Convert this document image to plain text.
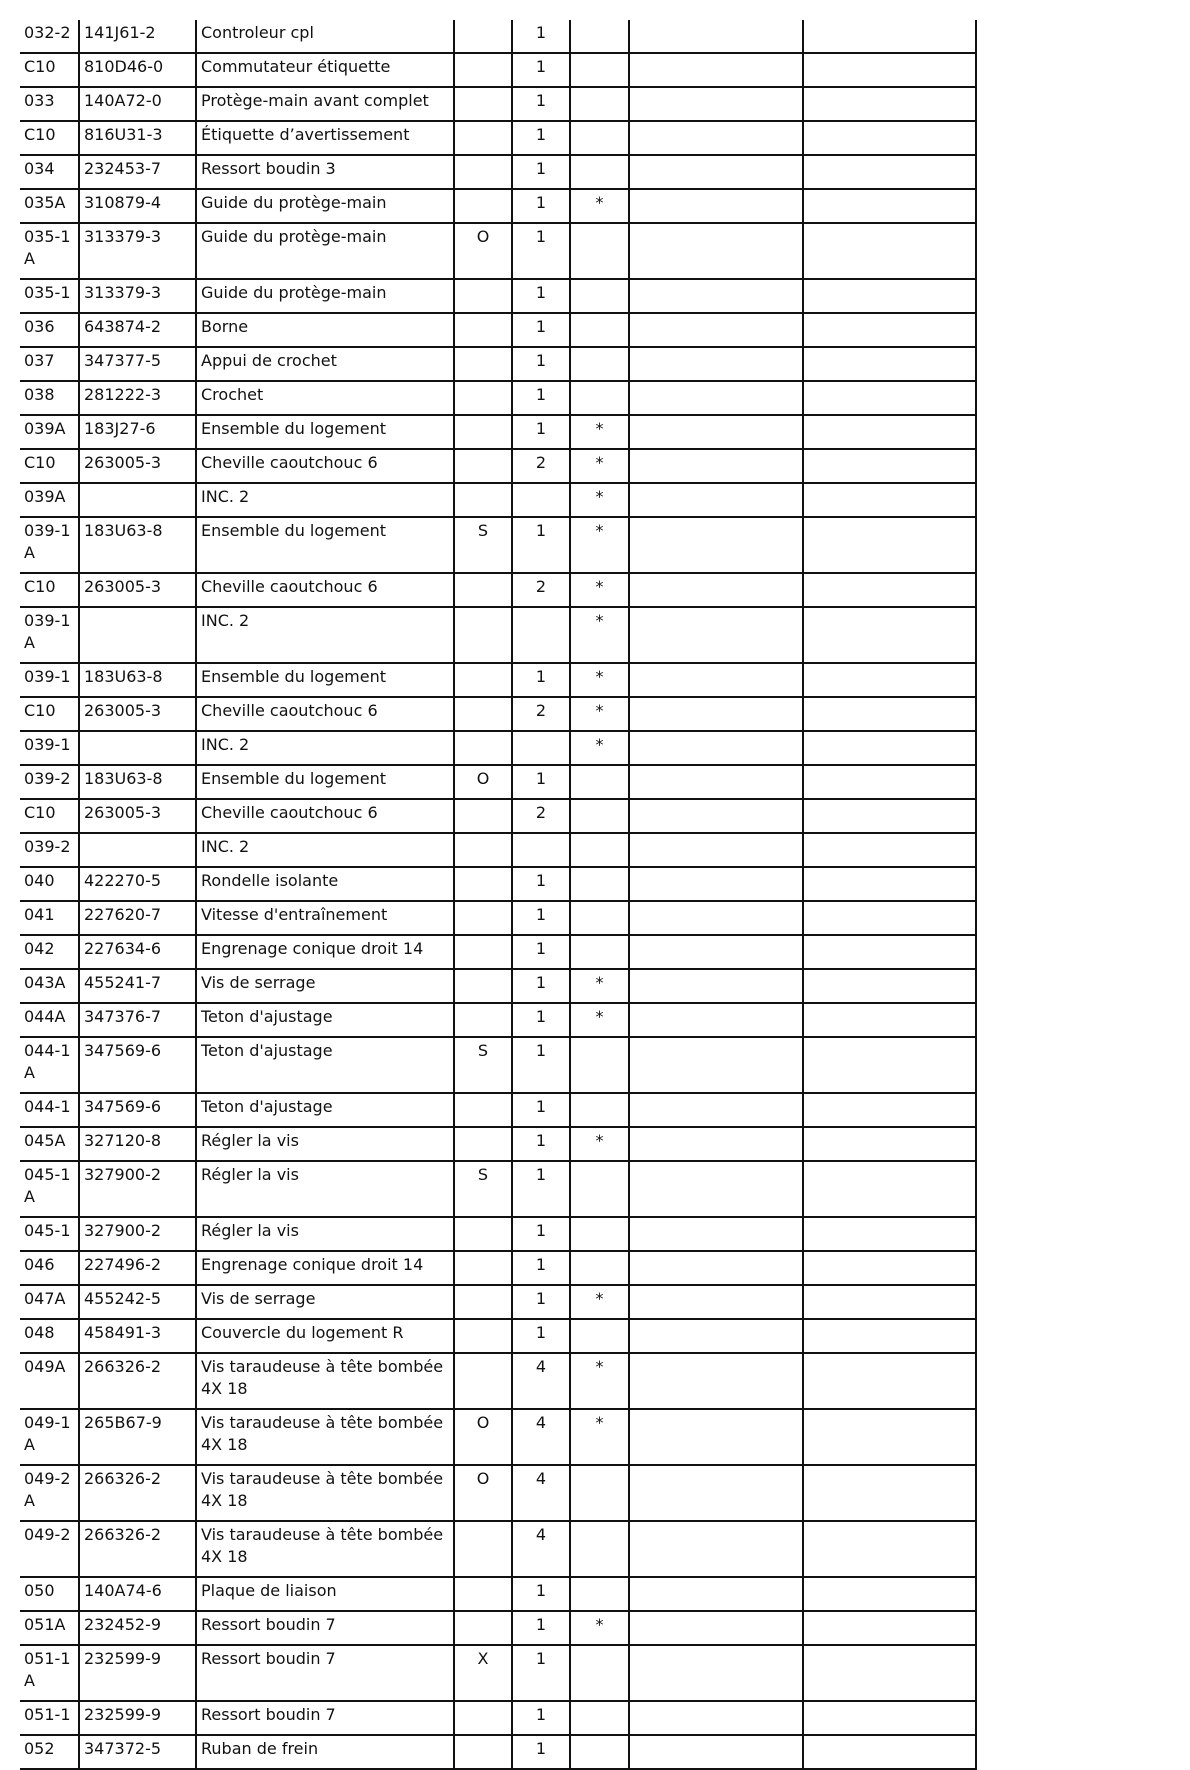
032-2	141J61-2	Controleur cpl		1			
C10	810D46-0	Commutateur étiquette		1			
033	140A72-0	Protège-main avant complet		1			
C10	816U31-3	Étiquette d’avertissement		1			
034	232453-7	Ressort boudin 3		1			
035A	310879-4	Guide du protège-main		1	*		
035-1 A	313379-3	Guide du protège-main	O	1			
035-1	313379-3	Guide du protège-main		1			
036	643874-2	Borne		1			
037	347377-5	Appui de crochet		1			
038	281222-3	Crochet		1			
039A	183J27-6	Ensemble du logement		1	*		
C10	263005-3	Cheville caoutchouc 6		2	*		
039A		INC. 2			*		
039-1 A	183U63-8	Ensemble du logement	S	1	*		
C10	263005-3	Cheville caoutchouc 6		2	*		
039-1 A		INC. 2			*		
039-1	183U63-8	Ensemble du logement		1	*		
C10	263005-3	Cheville caoutchouc 6		2	*		
039-1		INC. 2			*		
039-2	183U63-8	Ensemble du logement	O	1			
C10	263005-3	Cheville caoutchouc 6		2			
039-2		INC. 2					
040	422270-5	Rondelle isolante		1			
041	227620-7	Vitesse d'entraînement		1			
042	227634-6	Engrenage conique droit 14		1			
043A	455241-7	Vis de serrage		1	*		
044A	347376-7	Teton d'ajustage		1	*		
044-1 A	347569-6	Teton d'ajustage	S	1			
044-1	347569-6	Teton d'ajustage		1			
045A	327120-8	Régler la vis		1	*		
045-1 A	327900-2	Régler la vis	S	1			
045-1	327900-2	Régler la vis		1			
046	227496-2	Engrenage conique droit 14		1			
047A	455242-5	Vis de serrage		1	*		
048	458491-3	Couvercle du logement R		1			
049A	266326-2	Vis taraudeuse à tête bombée 4X 18		4	*		
049-1 A	265B67-9	Vis taraudeuse à tête bombée 4X 18	O	4	*		
049-2 A	266326-2	Vis taraudeuse à tête bombée 4X 18	O	4			
049-2	266326-2	Vis taraudeuse à tête bombée 4X 18		4			
050	140A74-6	Plaque de liaison		1			
051A	232452-9	Ressort boudin 7		1	*		
051-1 A	232599-9	Ressort boudin 7	X	1			
051-1	232599-9	Ressort boudin 7		1			
052	347372-5	Ruban de frein		1			
